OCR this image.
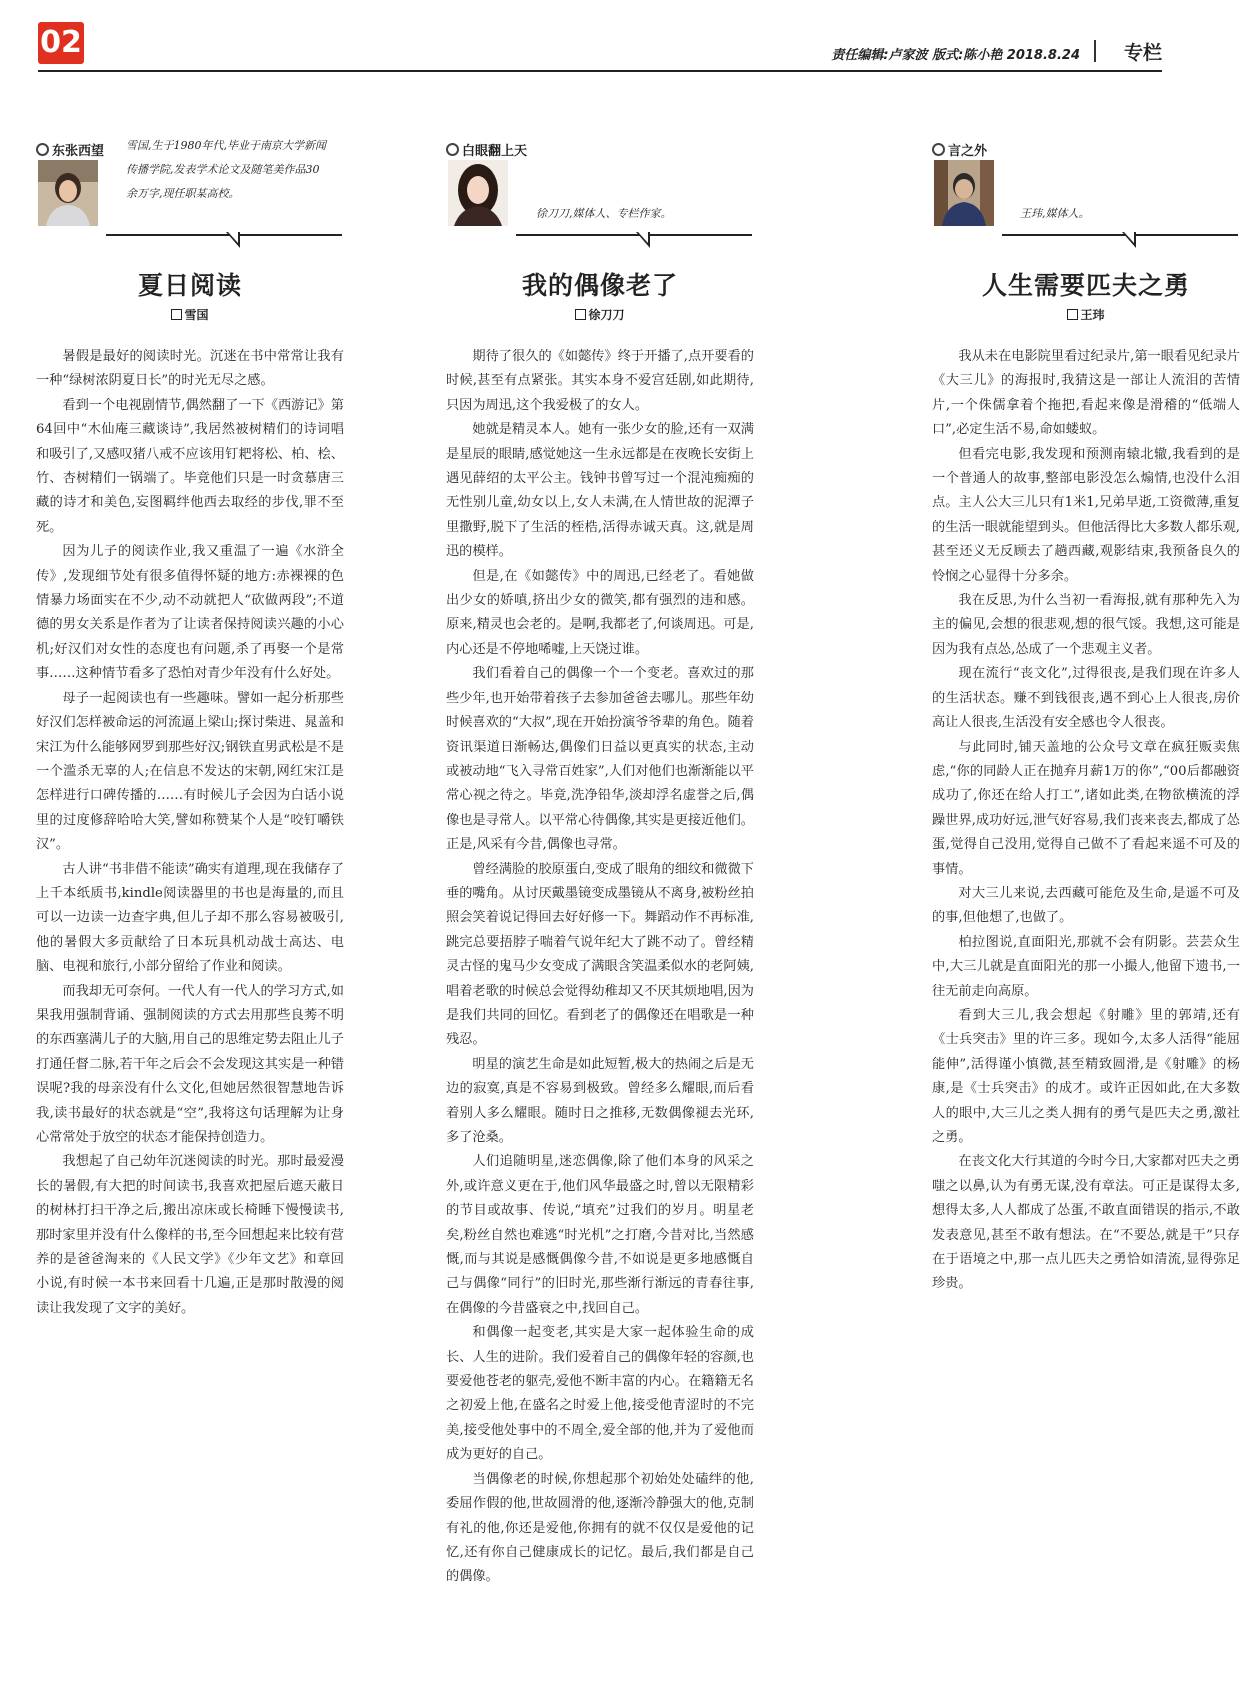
02	责任编辑:卢家波 版式:陈小艳 2018.8.24 专栏
东张西望 雪国,生于1980年代,毕业于南京大学新闻传播学院,发表学术论文及随笔美作品30余万字,现任职某高校。
夏日阅读
雪国

暑假是最好的阅读时光。沉迷在书中常常让我有一种“绿树浓阴夏日长”的时光无尽之感。

看到一个电视剧情节,偶然翻了一下《西游记》第64回中“木仙庵三藏谈诗”,我居然被树精们的诗词唱和吸引了,又感叹猪八戒不应该用钉耙将松、柏、桧、竹、杏树精们一锅端了。毕竟他们只是一时贪慕唐三藏的诗才和美色,妄图羁绊他西去取经的步伐,罪不至死。

因为儿子的阅读作业,我又重温了一遍《水浒全传》,发现细节处有很多值得怀疑的地方:赤裸裸的色情暴力场面实在不少,动不动就把人“砍做两段”;不道德的男女关系是作者为了让读者保持阅读兴趣的小心机;好汉们对女性的态度也有问题,杀了再娶一个是常事……这种情节看多了恐怕对青少年没有什么好处。

母子一起阅读也有一些趣味。譬如一起分析那些好汉们怎样被命运的河流逼上梁山;探讨柴进、晁盖和宋江为什么能够网罗到那些好汉;钢铁直男武松是不是一个滥杀无辜的人;在信息不发达的宋朝,网红宋江是怎样进行口碑传播的……有时候儿子会因为白话小说里的过度修辞哈哈大笑,譬如称赞某个人是“咬钉嚼铁汉”。

古人讲“书非借不能读”确实有道理,现在我储存了上千本纸质书,kindle阅读器里的书也是海量的,而且可以一边读一边查字典,但儿子却不那么容易被吸引,他的暑假大多贡献给了日本玩具机动战士高达、电脑、电视和旅行,小部分留给了作业和阅读。

而我却无可奈何。一代人有一代人的学习方式,如果我用强制背诵、强制阅读的方式去用那些良莠不明的东西塞满儿子的大脑,用自己的思维定势去阻止儿子打通任督二脉,若干年之后会不会发现这其实是一种错误呢?我的母亲没有什么文化,但她居然很智慧地告诉我,读书最好的状态就是“空”,我将这句话理解为让身心常常处于放空的状态才能保持创造力。

我想起了自己幼年沉迷阅读的时光。那时最爱漫长的暑假,有大把的时间读书,我喜欢把屋后遮天蔽日的树林打扫干净之后,搬出凉床或长椅睡下慢慢读书,那时家里并没有什么像样的书,至今回想起来比较有营养的是爸爸淘来的《人民文学》《少年文艺》和章回小说,有时候一本书来回看十几遍,正是那时散漫的阅读让我发现了文字的美好。

白眼翻上天
徐刀刀,媒体人、专栏作家。
我的偶像老了
徐刀刀

期待了很久的《如懿传》终于开播了,点开要看的时候,甚至有点紧张。其实本身不爱宫廷剧,如此期待,只因为周迅,这个我爱极了的女人。

她就是精灵本人。她有一张少女的脸,还有一双满是星辰的眼睛,感觉她这一生永远都是在夜晚长安街上遇见薛绍的太平公主。钱钟书曾写过一个混沌痴痴的无性别儿童,幼女以上,女人未满,在人情世故的泥潭子里撒野,脱下了生活的桎梏,活得赤诚天真。这,就是周迅的模样。

但是,在《如懿传》中的周迅,已经老了。看她做出少女的娇嗔,挤出少女的微笑,都有强烈的违和感。原来,精灵也会老的。是啊,我都老了,何谈周迅。可是,内心还是不停地唏嘘,上天饶过谁。

我们看着自己的偶像一个一个变老。喜欢过的那些少年,也开始带着孩子去参加爸爸去哪儿。那些年幼时候喜欢的“大叔”,现在开始扮演爷爷辈的角色。随着资讯渠道日渐畅达,偶像们日益以更真实的状态,主动或被动地“飞入寻常百姓家”,人们对他们也渐渐能以平常心视之待之。毕竟,洗净铅华,淡却浮名虚誉之后,偶像也是寻常人。以平常心待偶像,其实是更接近他们。正是,风采有今昔,偶像也寻常。

曾经满脸的胶原蛋白,变成了眼角的细纹和微微下垂的嘴角。从讨厌戴墨镜变成墨镜从不离身,被粉丝拍照会笑着说记得回去好好修一下。舞蹈动作不再标准,跳完总要捂脖子喘着气说年纪大了跳不动了。曾经精灵古怪的鬼马少女变成了满眼含笑温柔似水的老阿姨,唱着老歌的时候总会觉得幼稚却又不厌其烦地唱,因为是我们共同的回忆。看到老了的偶像还在唱歌是一种残忍。

明星的演艺生命是如此短暂,极大的热闹之后是无边的寂寞,真是不容易到极致。曾经多么耀眼,而后看着别人多么耀眼。随时日之推移,无数偶像褪去光环,多了沧桑。

人们追随明星,迷恋偶像,除了他们本身的风采之外,或许意义更在于,他们风华最盛之时,曾以无限精彩的节目或故事、传说,“填充”过我们的岁月。明星老矣,粉丝自然也难逃“时光机”之打磨,今昔对比,当然感慨,而与其说是感慨偶像今昔,不如说是更多地感慨自己与偶像“同行”的旧时光,那些渐行渐远的青春往事,在偶像的今昔盛衰之中,找回自己。

和偶像一起变老,其实是大家一起体验生命的成长、人生的进阶。我们爱着自己的偶像年轻的容颜,也要爱他苍老的躯壳,爱他不断丰富的内心。在籍籍无名之初爱上他,在盛名之时爱上他,接受他青涩时的不完美,接受他处事中的不周全,爱全部的他,并为了爱他而成为更好的自己。

当偶像老的时候,你想起那个初始处处磕绊的他,委屈作假的他,世故圆滑的他,逐渐冷静强大的他,克制有礼的他,你还是爱他,你拥有的就不仅仅是爱他的记忆,还有你自己健康成长的记忆。最后,我们都是自己的偶像。

言之外
王玮,媒体人。
人生需要匹夫之勇
王玮

我从未在电影院里看过纪录片,第一眼看见纪录片《大三儿》的海报时,我猜这是一部让人流泪的苦情片,一个侏儒拿着个拖把,看起来像是滑稽的“低端人口”,必定生活不易,命如蝼蚁。

但看完电影,我发现和预测南辕北辙,我看到的是一个普通人的故事,整部电影没怎么煽情,也没什么泪点。主人公大三儿只有1米1,兄弟早逝,工资微薄,重复的生活一眼就能望到头。但他活得比大多数人都乐观,甚至还义无反顾去了趟西藏,观影结束,我预备良久的怜悯之心显得十分多余。

我在反思,为什么当初一看海报,就有那种先入为主的偏见,会想的很悲观,想的很气馁。我想,这可能是因为我有点怂,怂成了一个悲观主义者。

现在流行“丧文化”,过得很丧,是我们现在许多人的生活状态。赚不到钱很丧,遇不到心上人很丧,房价高让人很丧,生活没有安全感也令人很丧。

与此同时,铺天盖地的公众号文章在疯狂贩卖焦虑,“你的同龄人正在抛弃月薪1万的你”,“00后都融资成功了,你还在给人打工”,诸如此类,在物欲横流的浮躁世界,成功好远,泄气好容易,我们丧来丧去,都成了怂蛋,觉得自己没用,觉得自己做不了看起来遥不可及的事情。

对大三儿来说,去西藏可能危及生命,是遥不可及的事,但他想了,也做了。

柏拉图说,直面阳光,那就不会有阴影。芸芸众生中,大三儿就是直面阳光的那一小撮人,他留下遗书,一往无前走向高原。

看到大三儿,我会想起《射雕》里的郭靖,还有《士兵突击》里的许三多。现如今,太多人活得“能屈能伸”,活得谨小慎微,甚至精致圆滑,是《射雕》的杨康,是《士兵突击》的成才。或许正因如此,在大多数人的眼中,大三儿之类人拥有的勇气是匹夫之勇,激社之勇。

在丧文化大行其道的今时今日,大家都对匹夫之勇嗤之以鼻,认为有勇无谋,没有章法。可正是谋得太多,想得太多,人人都成了怂蛋,不敢直面错误的指示,不敢发表意见,甚至不敢有想法。在“不要怂,就是干”只存在于语境之中,那一点儿匹夫之勇恰如清流,显得弥足珍贵。
